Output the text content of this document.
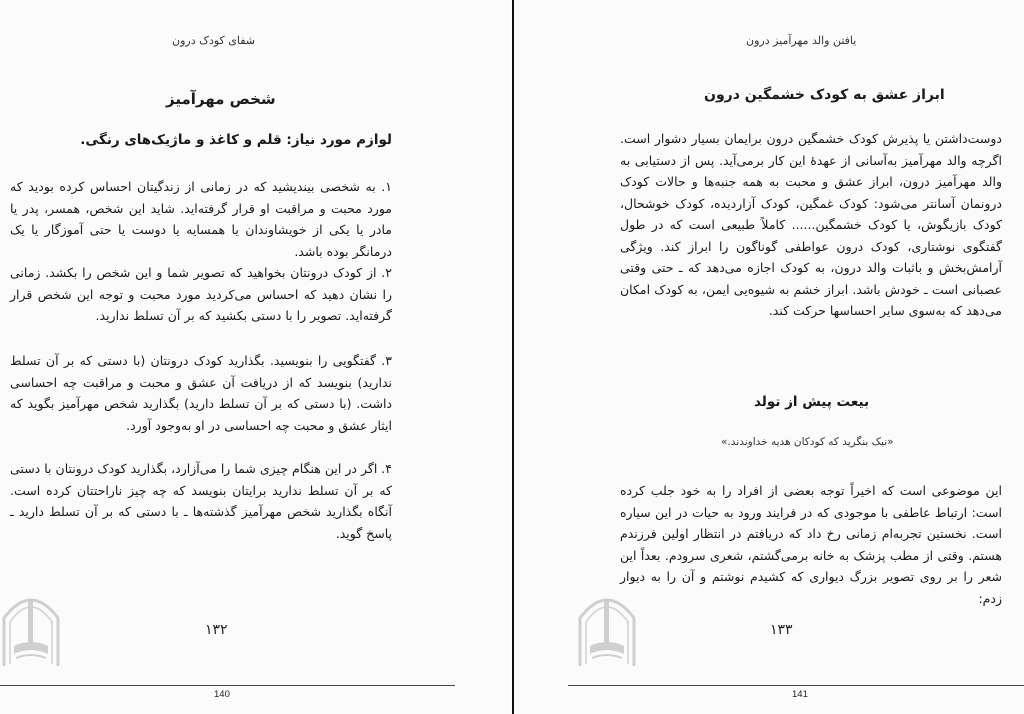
شفای کودک درون
شخص مهرآمیز
لوازم مورد نیاز: قلم و کاغذ و ماژیک‌های رنگی.
۱. به شخصی بیندیشید که در زمانی از زندگیتان احساس کرده بودید که مورد محبت و مراقبت او قرار گرفته‌اید. شاید این شخص، همسر، پدر یا مادر یا یکی از خویشاوندان یا همسایه یا دوست یا حتی آموزگار یا یک درمانگر بوده باشد.
۲. از کودک درونتان بخواهید که تصویر شما و این شخص را بکشد. زمانی را نشان دهید که احساس می‌کردید مورد محبت و توجه این شخص قرار گرفته‌اید. تصویر را با دستی بکشید که بر آن تسلط ندارید.
۳. گفتگویی را بنویسید. بگذارید کودک درونتان (با دستی که بر آن تسلط ندارید) بنویسد که از دریافت آن عشق و محبت و مراقبت چه احساسی داشت. (با دستی که بر آن تسلط دارید) بگذارید شخص مهرآمیز بگوید که ایثار عشق و محبت چه احساسی در او به‌وجود آورد.
۴. اگر در این هنگام چیزی شما را می‌آزارد، بگذارید کودک درونتان با دستی که بر آن تسلط ندارید برایتان بنویسد که چه چیز ناراحتتان کرده است. آنگاه بگذارید شخص مهرآمیز گذشته‌ها ـ با دستی که بر آن تسلط دارید ـ پاسخ گوید.
۱۳۲
140
یافتن والد مهرآمیز درون
ابراز عشق به کودک خشمگین درون
دوست‌داشتن یا پذیرش کودک خشمگین درون برایمان بسیار دشوار است. اگرچه والد مهرآمیز به‌آسانی از عهدهٔ این کار برمی‌آید. پس از دستیابی به والد مهرآمیز درون، ابراز عشق و محبت به همه جنبه‌ها و حالات کودک درونمان آسانتر می‌شود: کودک غمگین، کودک آزاردیده، کودک خوشحال، کودک بازیگوش، یا کودک خشمگین...... کاملاً طبیعی است که در طول گفتگوی نوشتاری، کودک درون عواطفی گوناگون را ابراز کند. ویژگی آرامش‌بخش و باثبات والد درون، به کودک اجازه می‌دهد که ـ حتی وقتی عصبانی است ـ خودش باشد. ابراز خشم به شیوه‌یی ایمن، به کودک امکان می‌دهد که به‌سوی سایر احساسها حرکت کند.
بیعت پیش از تولد
«نیک بنگرید که کودکان هدیه خداوندند.»
این موضوعی است که اخیراً توجه بعضی از افراد را به خود جلب کرده است: ارتباط عاطفی با موجودی که در فرایند ورود به حیات در این سیاره است. نخستین تجربه‌ام زمانی رخ داد که دریافتم در انتظار اولین فرزندم هستم. وقتی از مطب پزشک به خانه برمی‌گشتم، شعری سرودم. بعداً این شعر را بر روی تصویر بزرگ دیواری که کشیدم نوشتم و آن را به دیوار زدم:
۱۳۳
141
